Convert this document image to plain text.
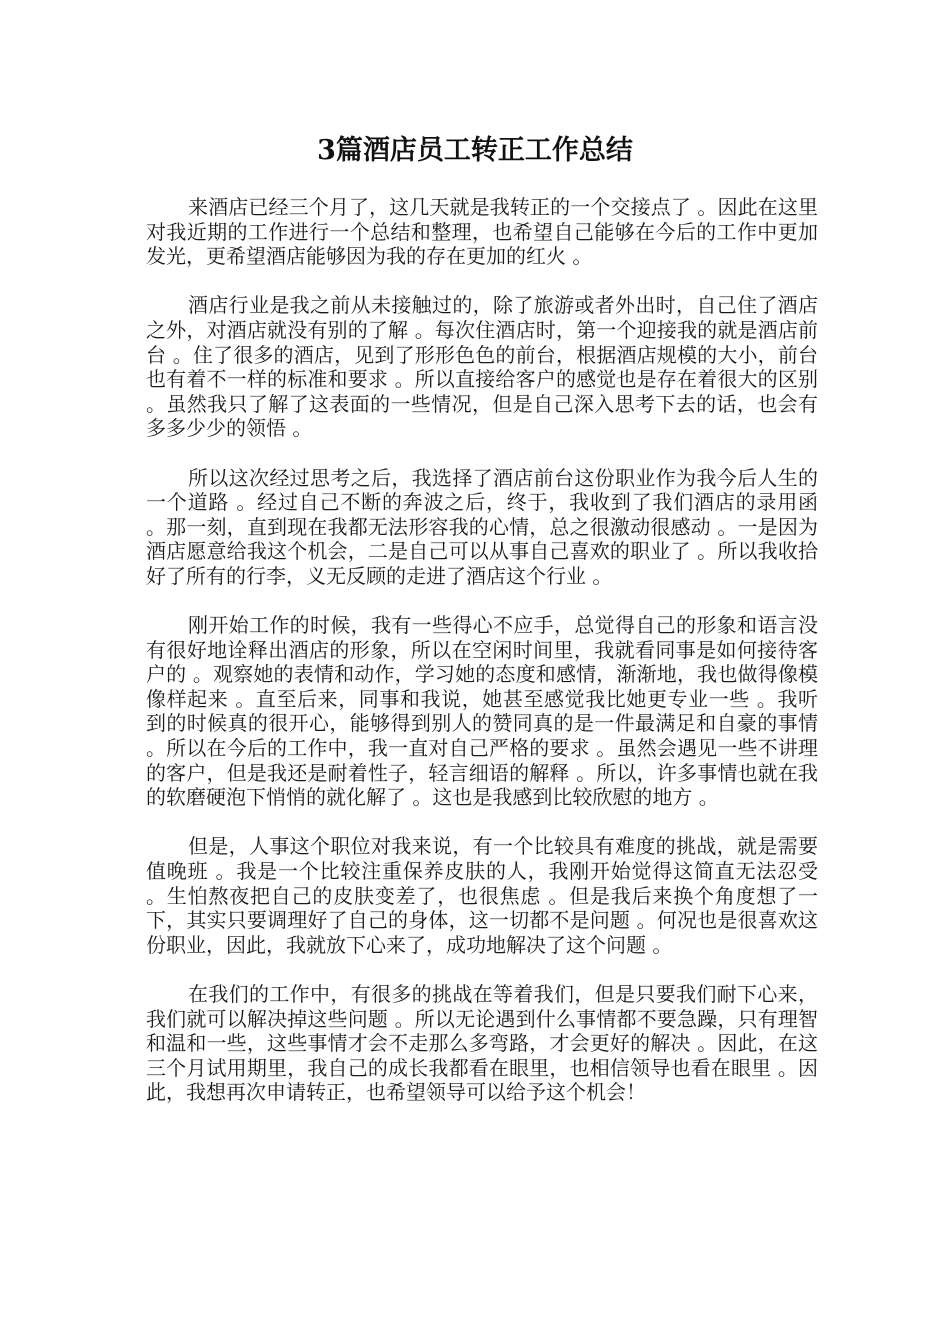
3篇酒店员工转正工作总结

来酒店已经三个月了，这几天就是我转正的一个交接点了 。因此在这里对我近期的工作进行一个总结和整理，也希望自己能够在今后的工作中更加发光，更希望酒店能够因为我的存在更加的红火 。

酒店行业是我之前从未接触过的，除了旅游或者外出时，自己住了酒店之外，对酒店就没有别的了解 。每次住酒店时，第一个迎接我的就是酒店前台 。住了很多的酒店，见到了形形色色的前台，根据酒店规模的大小，前台也有着不一样的标准和要求 。所以直接给客户的感觉也是存在着很大的区别 。虽然我只了解了这表面的一些情况，但是自己深入思考下去的话，也会有多多少少的领悟 。

所以这次经过思考之后，我选择了酒店前台这份职业作为我今后人生的一个道路 。经过自己不断的奔波之后，终于，我收到了我们酒店的录用函 。那一刻，直到现在我都无法形容我的心情，总之很激动很感动 。一是因为酒店愿意给我这个机会，二是自己可以从事自己喜欢的职业了 。所以我收拾好了所有的行李，义无反顾的走进了酒店这个行业 。

刚开始工作的时候，我有一些得心不应手，总觉得自己的形象和语言没有很好地诠释出酒店的形象，所以在空闲时间里，我就看同事是如何接待客户的 。观察她的表情和动作，学习她的态度和感情，渐渐地，我也做得像模像样起来 。直至后来，同事和我说，她甚至感觉我比她更专业一些 。我听到的时候真的很开心，能够得到别人的赞同真的是一件最满足和自豪的事情 。所以在今后的工作中，我一直对自己严格的要求 。虽然会遇见一些不讲理的客户，但是我还是耐着性子，轻言细语的解释 。所以，许多事情也就在我的软磨硬泡下悄悄的就化解了 。这也是我感到比较欣慰的地方 。

但是，人事这个职位对我来说，有一个比较具有难度的挑战，就是需要值晚班 。我是一个比较注重保养皮肤的人，我刚开始觉得这简直无法忍受 。生怕熬夜把自己的皮肤变差了，也很焦虑 。但是我后来换个角度想了一下，其实只要调理好了自己的身体，这一切都不是问题 。何况也是很喜欢这份职业，因此，我就放下心来了，成功地解决了这个问题 。

在我们的工作中，有很多的挑战在等着我们，但是只要我们耐下心来，我们就可以解决掉这些问题 。所以无论遇到什么事情都不要急躁，只有理智和温和一些，这些事情才会不走那么多弯路，才会更好的解决 。因此，在这三个月试用期里，我自己的成长我都看在眼里，也相信领导也看在眼里 。因此，我想再次申请转正，也希望领导可以给予这个机会！
